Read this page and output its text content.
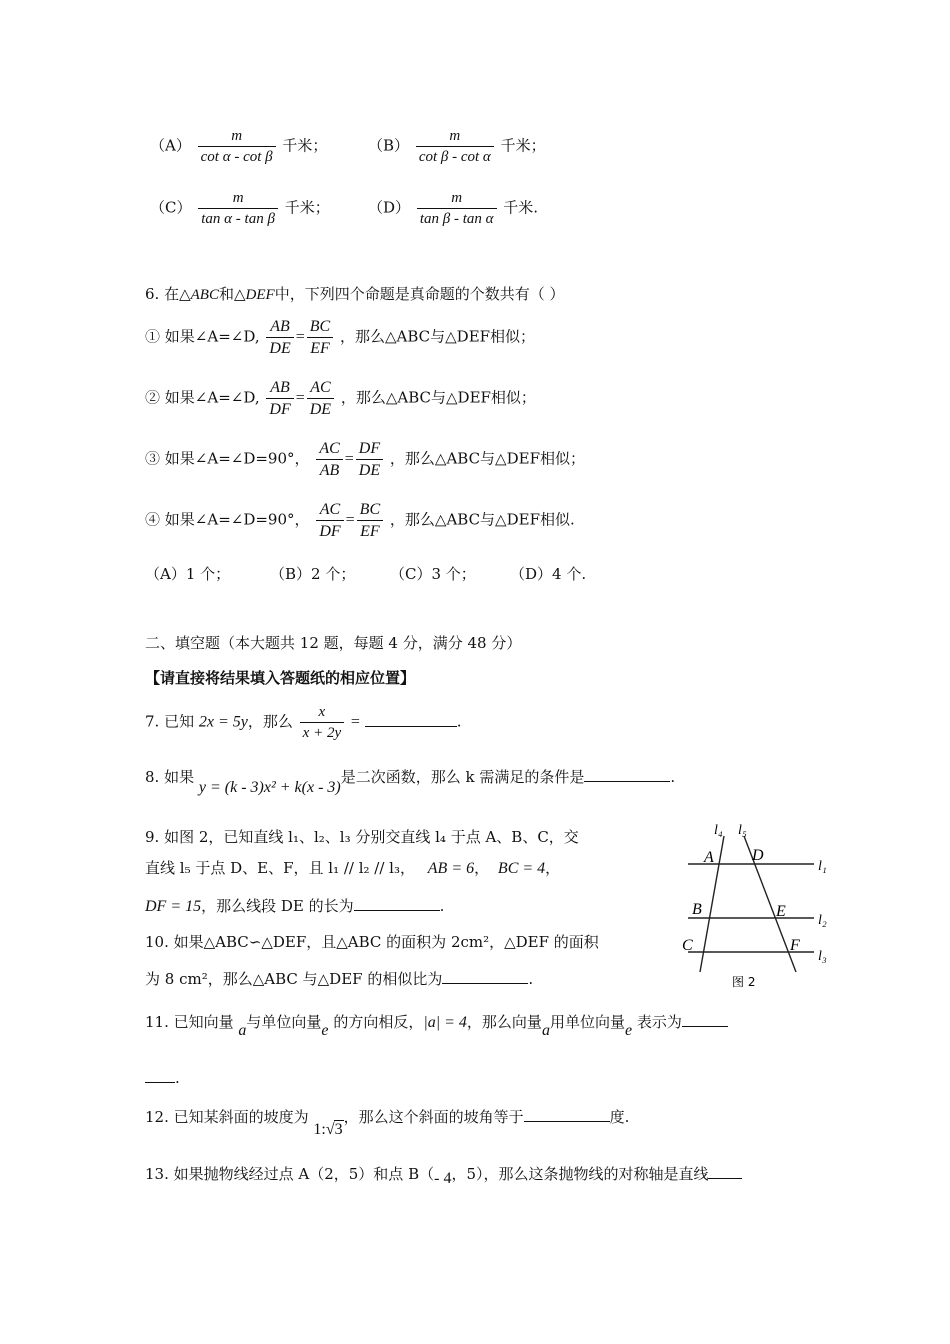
$(A) \frac{m}{\text{cot α - cot β}}$ 千米；	$(B) \frac{m}{\text{cot β - cot α}}$ 千米；
$(C) \frac{m}{\text{tan α - tan β}}$ 千米；	$(D) \frac{m}{\text{tan β - tan α}}$ 千米.
6. 在△ABC和△DEF中，下列四个命题是真命题的个数共有（ ）
① 如果∠A=∠D, $\frac{AB}{DE} = \frac{BC}{EF}$ ，那么△ABC与△DEF相似；
② 如果∠A=∠D, $\frac{AB}{DF} = \frac{AC}{DE}$ ，那么△ABC与△DEF相似；
③ 如果∠A=∠D=90°， $\frac{AC}{AB} = \frac{DF}{DE}$ ，那么△ABC与△DEF相似；
④ 如果∠A=∠D=90°， $\frac{AC}{DF} = \frac{BC}{EF}$ ，那么△ABC与△DEF相似.
（A）1 个；	（B）2 个； （C）3 个； （D）4 个.
二、填空题（本大题共 12 题，每题 4 分，满分 48 分）
【请直接将结果填入答题纸的相应位置】
7. 已知 2x = 5y，那么 $\frac{x}{x + 2y}$ =	.
8. 如果 y = (k - 3)x² + k(x - 3)是二次函数，那么 k 需满足的条件是	.
9. 如图 2，已知直线 l₁、l₂、l₃ 分别交直线 l₄ 于点 A、B、C，交
直线 l₅ 于点 D、E、F，且 l₁ // l₂ // l₃， AB = 6， BC = 4，
DF = 15，那么线段 DE 的长为	.
10. 如果△ABC∽△DEF，且△ABC 的面积为 2cm²，△DEF 的面积
为 8 cm²，那么△ABC 与△DEF 的相似比为	.
l₄ l₅
l₁
l₂
l₃
A D
B	E
C	F
图 2
11. 已知向量 a与单位向量e 的方向相反，|a| = 4，那么向量a用单位向量e 表示为
.
12. 已知某斜面的坡度为 1:√3，那么这个斜面的坡角等于	度.
13. 如果抛物线经过点 A（2，5）和点 B（- 4，5），那么这条抛物线的对称轴是直线
